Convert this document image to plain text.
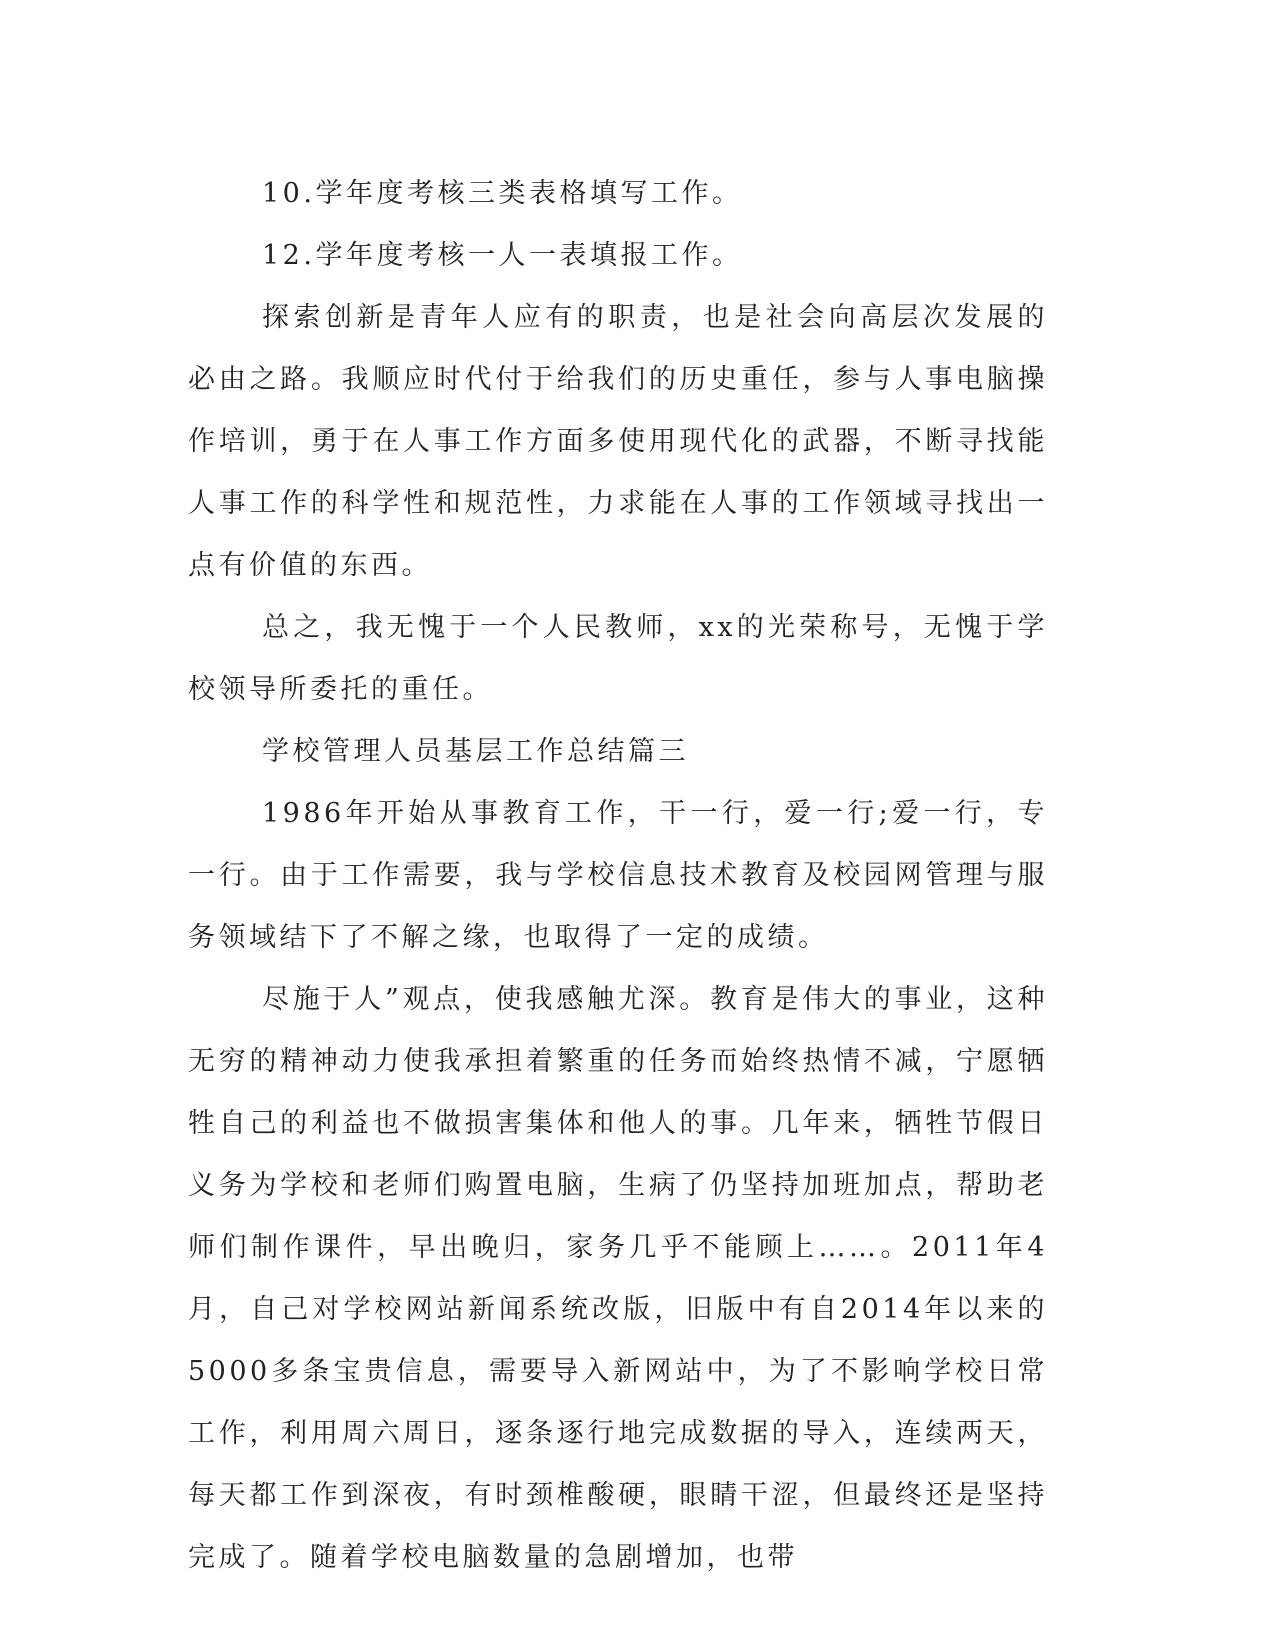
10.学年度考核三类表格填写工作。

12.学年度考核一人一表填报工作。

探索创新是青年人应有的职责，也是社会向高层次发展的必由之路。我顺应时代付于给我们的历史重任，参与人事电脑操作培训，勇于在人事工作方面多使用现代化的武器，不断寻找能人事工作的科学性和规范性，力求能在人事的工作领域寻找出一点有价值的东西。

总之，我无愧于一个人民教师，xx的光荣称号，无愧于学校领导所委托的重任。

学校管理人员基层工作总结篇三

1986年开始从事教育工作，干一行，爱一行;爱一行，专一行。由于工作需要，我与学校信息技术教育及校园网管理与服务领域结下了不解之缘，也取得了一定的成绩。

尽施于人”观点，使我感触尤深。教育是伟大的事业，这种无穷的精神动力使我承担着繁重的任务而始终热情不减，宁愿牺牲自己的利益也不做损害集体和他人的事。几年来，牺牲节假日义务为学校和老师们购置电脑，生病了仍坚持加班加点，帮助老师们制作课件，早出晚归，家务几乎不能顾上……。2011年4月，自己对学校网站新闻系统改版，旧版中有自2014年以来的5000多条宝贵信息，需要导入新网站中，为了不影响学校日常工作，利用周六周日，逐条逐行地完成数据的导入，连续两天，每天都工作到深夜，有时颈椎酸硬，眼睛干涩，但最终还是坚持完成了。随着学校电脑数量的急剧增加，也带
